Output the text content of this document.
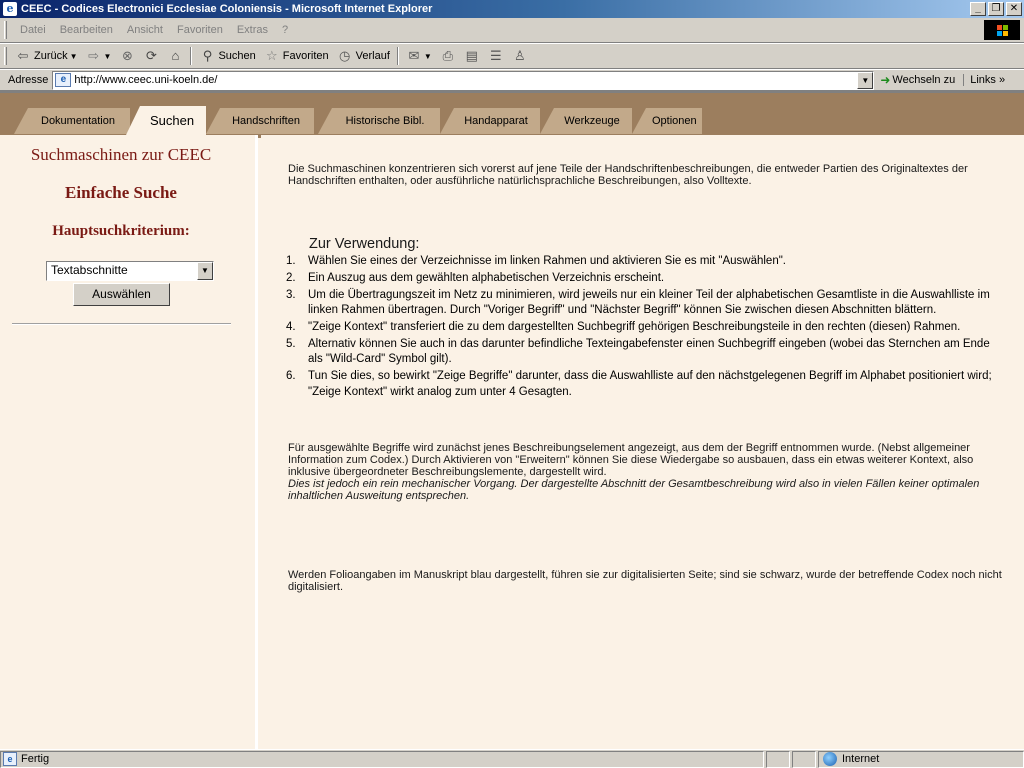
e CEEC - Codices Electronici Ecclesiae Coloniensis - Microsoft Internet Explorer	_	❐ ✕
Datei	Bearbeiten	Ansicht	Favoriten	Extras	?
⇦ Zurück ▼ ⇨ ▼ ⊗ ⟳	⌂	⚲ Suchen ☆ Favoriten ◷ Verlauf ✉ ▼ ⎙ ▤ ☰ ♙
Adresse	e http://www.ceec.uni-koeln.de/	▼ ➜ Wechseln zu	Links »
Dokumentation	Suchen	Handschriften	Historische Bibl.	Handapparat	Werkzeuge	Optionen
Suchmaschinen zur CEEC
Einfache Suche
Hauptsuchkriterium:
Textabschnitte	▼
Auswählen

Die Suchmaschinen konzentrieren sich vorerst auf jene Teile der Handschriftenbeschreibungen, die entweder Partien des Originaltextes der Handschriften enthalten, oder ausführliche natürlichsprachliche Beschreibungen, also Volltexte.

Zur Verwendung:
1. Wählen Sie eines der Verzeichnisse im linken Rahmen und aktivieren Sie es mit "Auswählen".
2. Ein Auszug aus dem gewählten alphabetischen Verzeichnis erscheint.
3. Um die Übertragungszeit im Netz zu minimieren, wird jeweils nur ein kleiner Teil der alphabetischen Gesamtliste in die Auswahlliste im linken Rahmen übertragen. Durch "Voriger Begriff" und "Nächster Begriff" können Sie zwischen diesen Abschnitten blättern.
4. "Zeige Kontext" transferiert die zu dem dargestellten Suchbegriff gehörigen Beschreibungsteile in den rechten (diesen) Rahmen.
5. Alternativ können Sie auch in das darunter befindliche Texteingabefenster einen Suchbegriff eingeben (wobei das Sternchen am Ende als "Wild-Card" Symbol gilt).
6. Tun Sie dies, so bewirkt "Zeige Begriffe" darunter, dass die Auswahlliste auf den nächstgelegenen Begriff im Alphabet positioniert wird; "Zeige Kontext" wirkt analog zum unter 4 Gesagten.

Für ausgewählte Begriffe wird zunächst jenes Beschreibungselement angezeigt, aus dem der Begriff entnommen wurde. (Nebst allgemeiner Information zum Codex.) Durch Aktivieren von "Erweitern" können Sie diese Wiedergabe so ausbauen, dass ein etwas weiterer Kontext, also inklusive übergeordneter Beschreibungslemente, dargestellt wird.
Dies ist jedoch ein rein mechanischer Vorgang. Der dargestellte Abschnitt der Gesamtbeschreibung wird also in vielen Fällen keiner optimalen inhaltlichen Ausweitung entsprechen.

Werden Folioangaben im Manuskript blau dargestellt, führen sie zur digitalisierten Seite; sind sie schwarz, wurde der betreffende Codex noch nicht digitalisiert.

e Fertig	Internet
